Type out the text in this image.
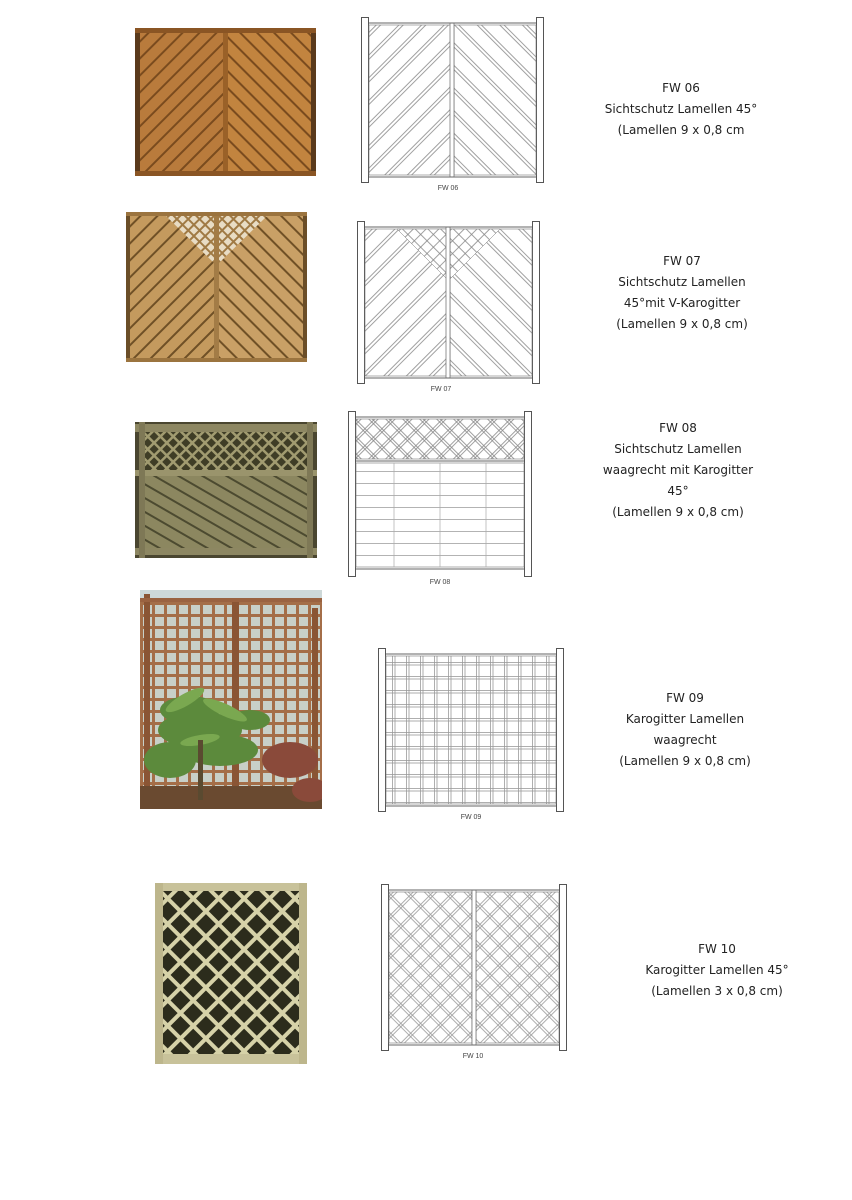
FW 06
FW 06
Sichtschutz Lamellen 45°
(Lamellen 9 x 0,8 cm
FW 07
FW 07
Sichtschutz Lamellen
45°mit V-Karogitter
(Lamellen 9 x 0,8 cm)
FW 08
FW 08
Sichtschutz Lamellen
waagrecht mit Karogitter
45°
(Lamellen 9 x 0,8 cm)
FW 09
FW 09
Karogitter Lamellen
waagrecht
(Lamellen 9 x 0,8 cm)
FW 10
FW 10
Karogitter Lamellen 45°
(Lamellen 3 x 0,8 cm)
